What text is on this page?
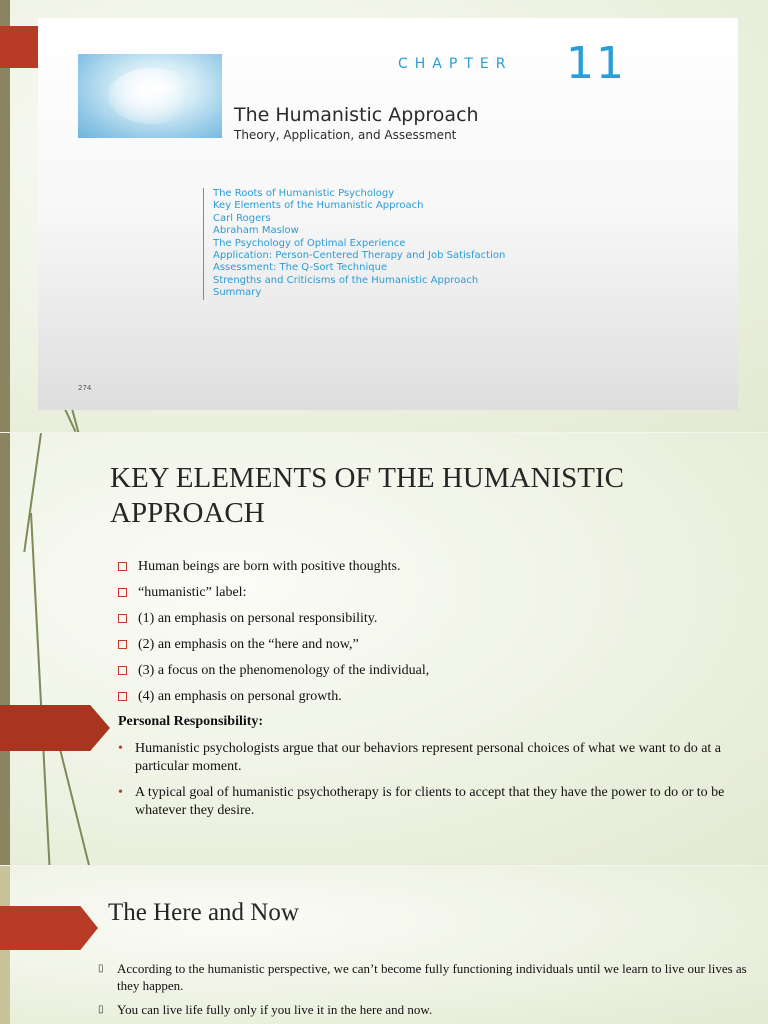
CHAPTER 11
The Humanistic Approach
Theory, Application, and Assessment
The Roots of Humanistic Psychology
Key Elements of the Humanistic Approach
Carl Rogers
Abraham Maslow
The Psychology of Optimal Experience
Application: Person-Centered Therapy and Job Satisfaction
Assessment: The Q-Sort Technique
Strengths and Criticisms of the Humanistic Approach
Summary
274
KEY ELEMENTS OF THE HUMANISTIC APPROACH
Human beings are born with positive thoughts.
“humanistic” label:
(1) an emphasis on personal responsibility.
(2) an emphasis on the “here and now,”
(3) a focus on the phenomenology of the individual,
(4) an emphasis on personal growth.
Personal Responsibility:
• Humanistic psychologists argue that our behaviors represent personal choices of what we want to do at a particular moment.
• A typical goal of humanistic psychotherapy is for clients to accept that they have the power to do or to be whatever they desire.
The Here and Now
▯ According to the humanistic perspective, we can’t become fully functioning individuals until we learn to live our lives as they happen.
▯ You can live life fully only if you live it in the here and now.
